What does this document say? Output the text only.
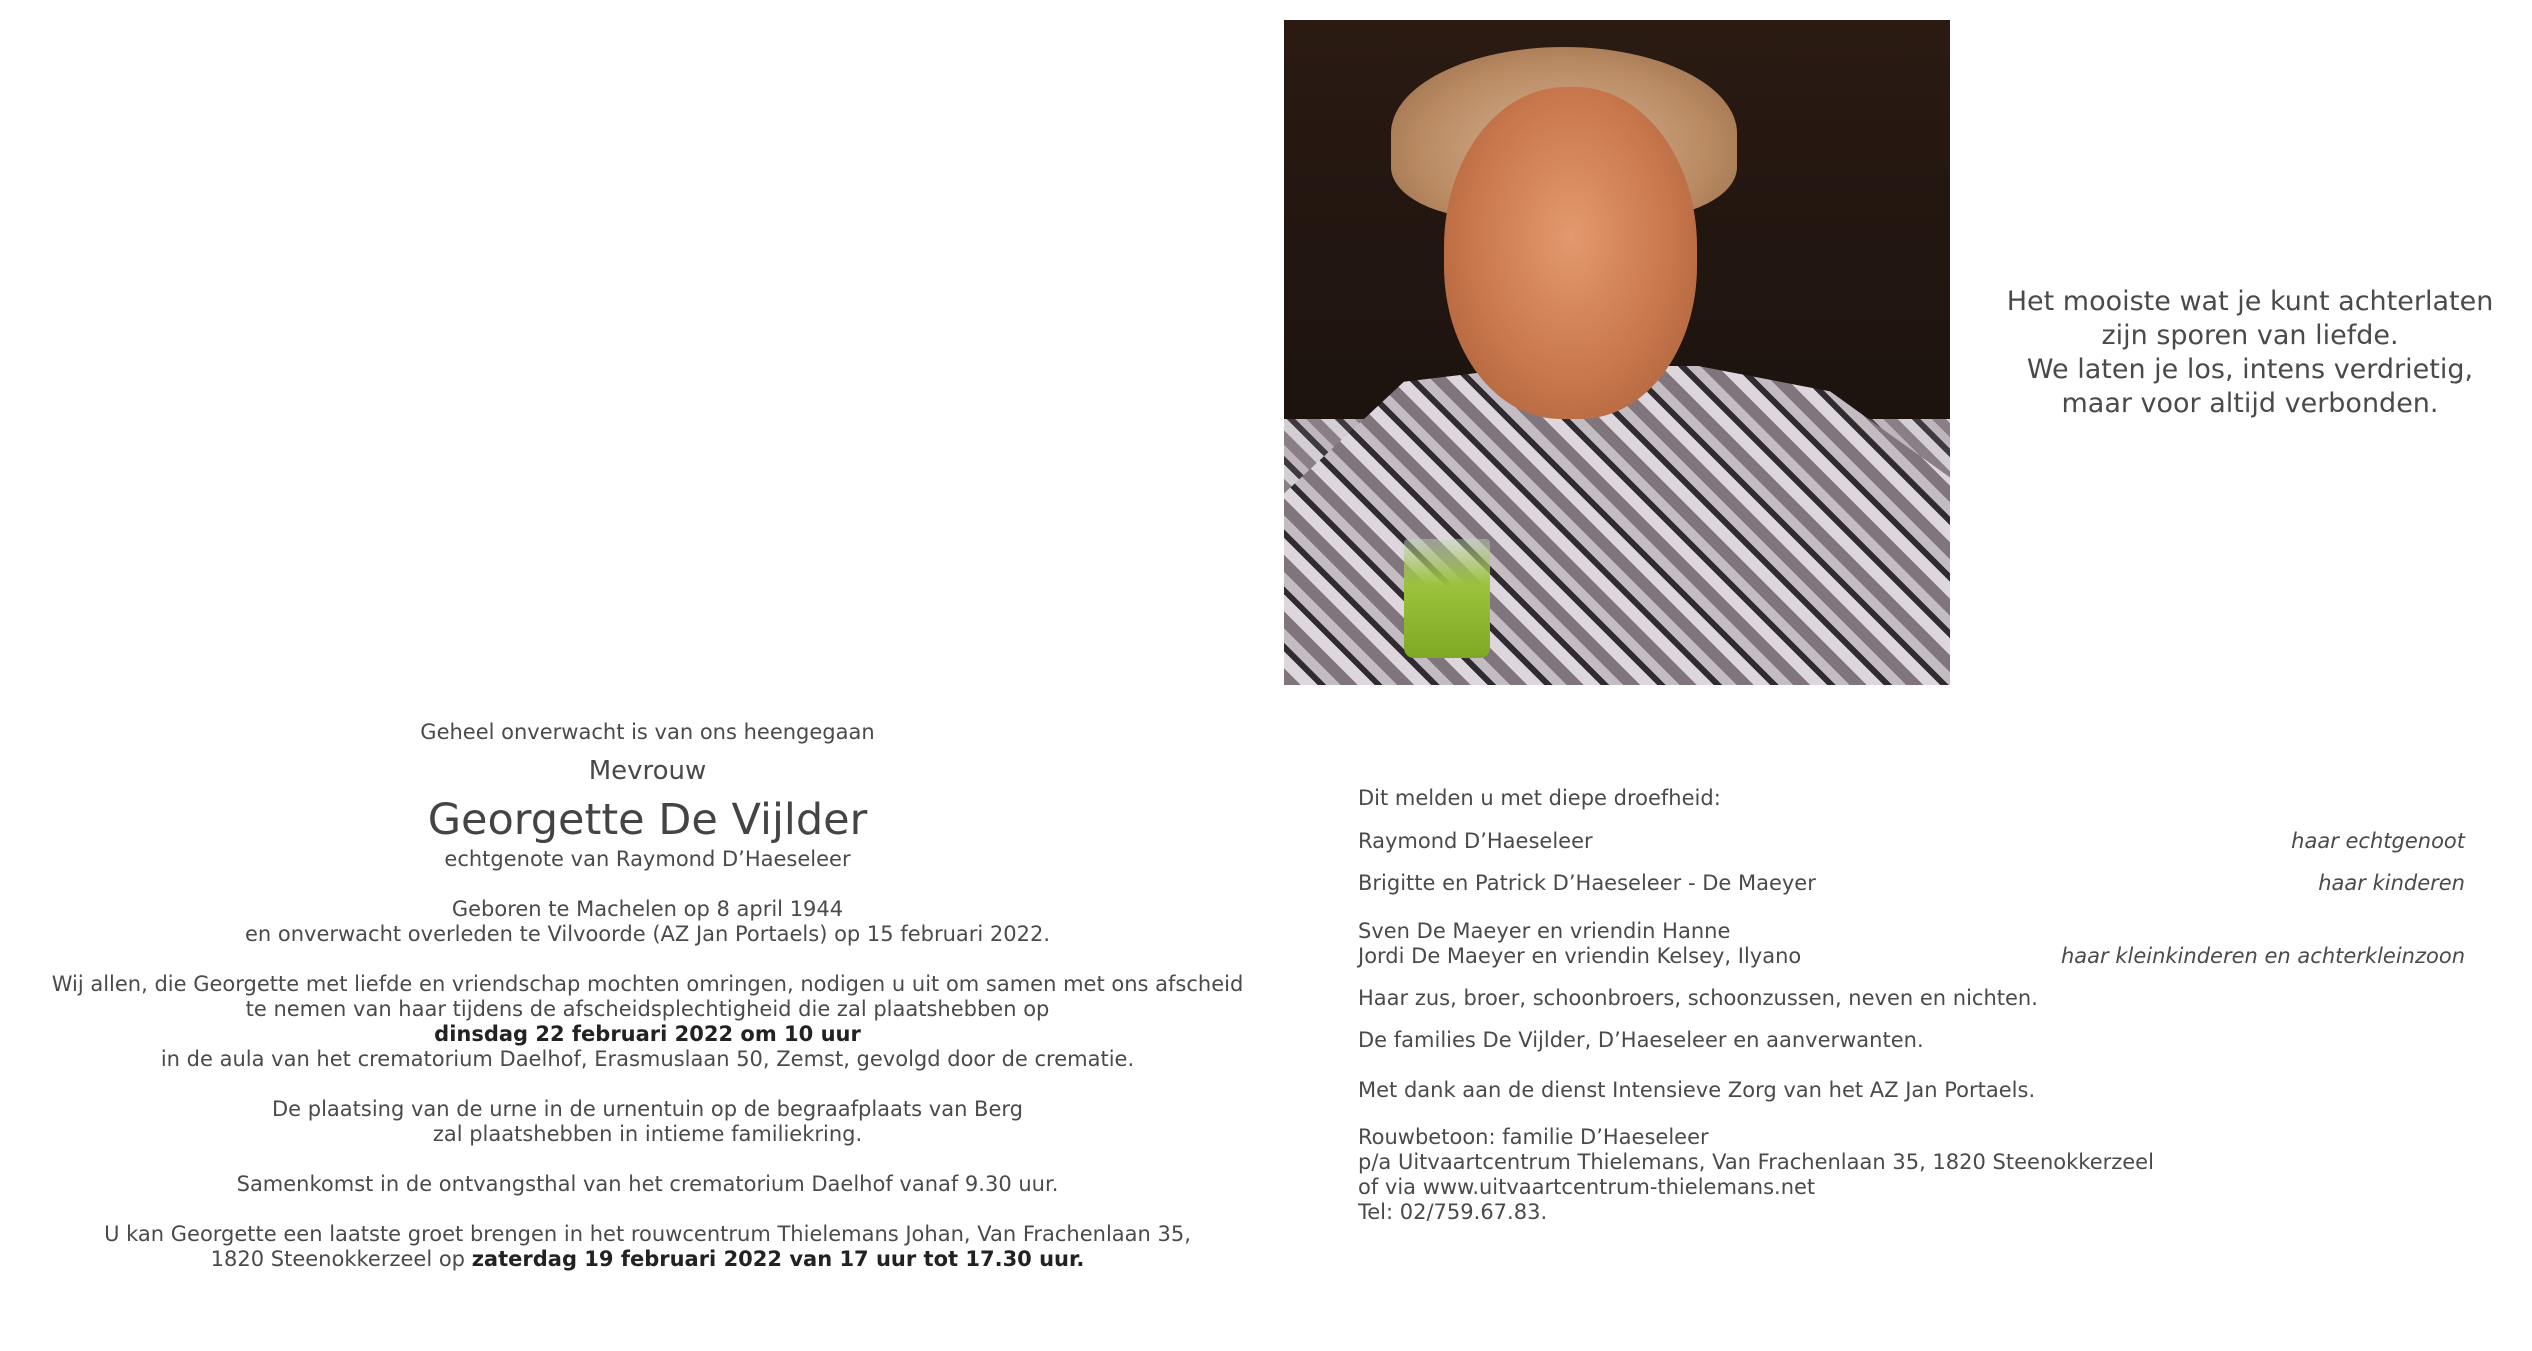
Het mooiste wat je kunt achterlaten
zijn sporen van liefde.
We laten je los, intens verdrietig,
maar voor altijd verbonden.
Geheel onverwacht is van ons heengegaan
Mevrouw
Georgette De Vijlder
echtgenote van Raymond D’Haeseleer
Geboren te Machelen op 8 april 1944
en onverwacht overleden te Vilvoorde (AZ Jan Portaels) op 15 februari 2022.
Wij allen, die Georgette met liefde en vriendschap mochten omringen, nodigen u uit om samen met ons afscheid
te nemen van haar tijdens de afscheidsplechtigheid die zal plaatshebben op
dinsdag 22 februari 2022 om 10 uur
in de aula van het crematorium Daelhof, Erasmuslaan 50, Zemst, gevolgd door de crematie.
De plaatsing van de urne in de urnentuin op de begraafplaats van Berg
zal plaatshebben in intieme familiekring.
Samenkomst in de ontvangsthal van het crematorium Daelhof vanaf 9.30 uur.
U kan Georgette een laatste groet brengen in het rouwcentrum Thielemans Johan, Van Frachenlaan 35,
1820 Steenokkerzeel op zaterdag 19 februari 2022 van 17 uur tot 17.30 uur.
Dit melden u met diepe droefheid:
Raymond D’Haeseleer	haar echtgenoot
Brigitte en Patrick D’Haeseleer - De Maeyer	haar kinderen
Sven De Maeyer en vriendin Hanne
Jordi De Maeyer en vriendin Kelsey, Ilyano	haar kleinkinderen en achterkleinzoon
Haar zus, broer, schoonbroers, schoonzussen, neven en nichten.
De families De Vijlder, D’Haeseleer en aanverwanten.
Met dank aan de dienst Intensieve Zorg van het AZ Jan Portaels.
Rouwbetoon: familie D’Haeseleer
p/a Uitvaartcentrum Thielemans, Van Frachenlaan 35, 1820 Steenokkerzeel
of via www.uitvaartcentrum-thielemans.net
Tel: 02/759.67.83.
